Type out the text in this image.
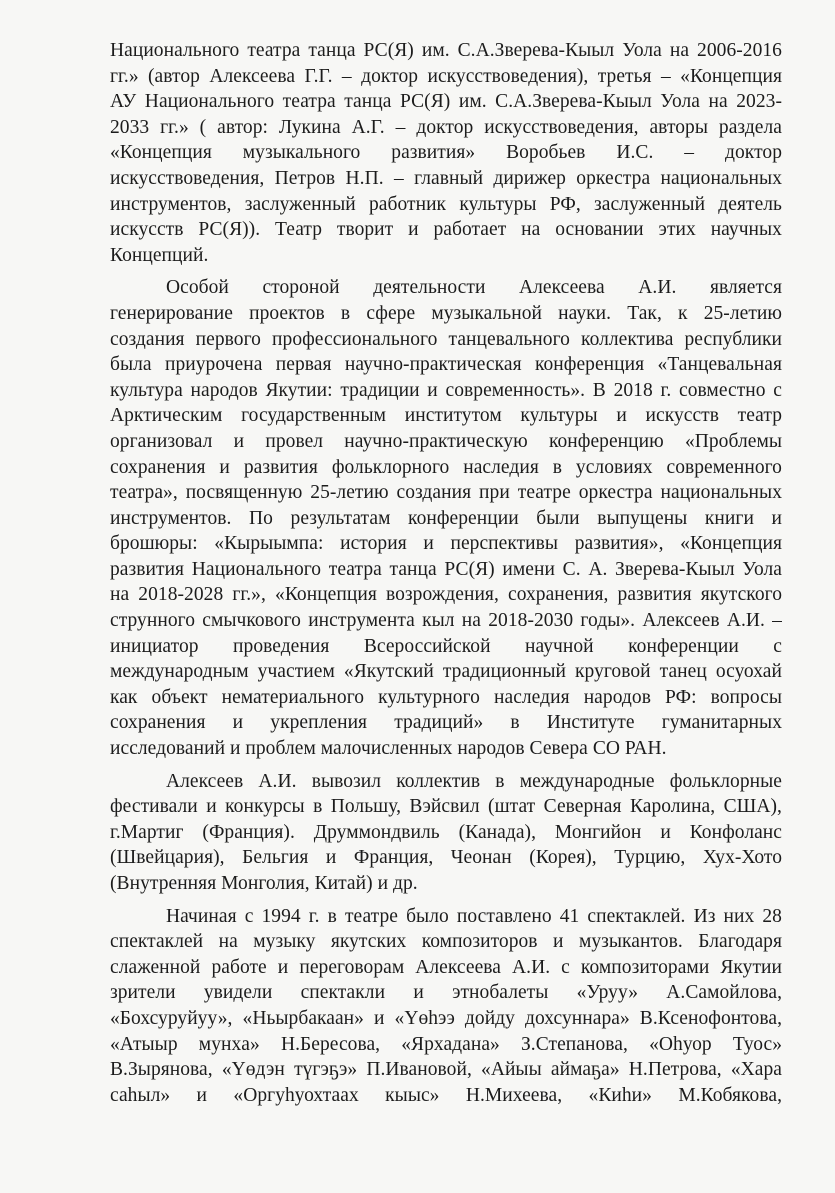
Национального театра танца РС(Я) им. С.А.Зверева-Кыыл Уола на 2006-2016
гг.» (автор Алексеева Г.Г. – доктор искусствоведения), третья – «Концепция
АУ Национального театра танца РС(Я) им. С.А.Зверева-Кыыл Уола на 2023-
2033 гг.» ( автор: Лукина А.Г. – доктор искусствоведения, авторы раздела
«Концепция музыкального развития» Воробьев И.С. – доктор
искусствоведения, Петров Н.П. – главный дирижер оркестра национальных
инструментов, заслуженный работник культуры РФ, заслуженный деятель
искусств РС(Я)). Театр творит и работает на основании этих научных
Концепций.
Особой стороной деятельности Алексеева А.И. является
генерирование проектов в сфере музыкальной науки. Так, к 25-летию
создания первого профессионального танцевального коллектива республики
была приурочена первая научно-практическая конференция «Танцевальная
культура народов Якутии: традиции и современность». В 2018 г. совместно с
Арктическим государственным институтом культуры и искусств театр
организовал и провел научно-практическую конференцию «Проблемы
сохранения и развития фольклорного наследия в условиях современного
театра», посвященную 25-летию создания при театре оркестра национальных
инструментов. По результатам конференции были выпущены книги и
брошюры: «Кырыымпа: история и перспективы развития», «Концепция
развития Национального театра танца РС(Я) имени С. А. Зверева-Кыыл Уола
на 2018-2028 гг.», «Концепция возрождения, сохранения, развития якутского
струнного смычкового инструмента кыл на 2018-2030 годы». Алексеев А.И. –
инициатор проведения Всероссийской научной конференции с
международным участием «Якутский традиционный круговой танец осуохай
как объект нематериального культурного наследия народов РФ: вопросы
сохранения и укрепления традиций» в Институте гуманитарных
исследований и проблем малочисленных народов Севера СО РАН.
Алексеев А.И. вывозил коллектив в международные фольклорные
фестивали и конкурсы в Польшу, Вэйсвил (штат Северная Каролина, США),
г.Мартиг (Франция). Друммондвиль (Канада), Монгийон и Конфоланс
(Швейцария), Бельгия и Франция, Чеонан (Корея), Турцию, Хух-Хото
(Внутренняя Монголия, Китай) и др.
Начиная с 1994 г. в театре было поставлено 41 спектаклей. Из них 28
спектаклей на музыку якутских композиторов и музыкантов. Благодаря
слаженной работе и переговорам Алексеева А.И. с композиторами Якутии
зрители увидели спектакли и этнобалеты «Уруу» А.Самойлова,
«Бохсуруйуу», «Ньырбакаан» и «Үөhээ дойду дохсуннара» В.Ксенофонтова,
«Атыыр мунхa» Н.Бересова, «Ярхадана» З.Степанова, «Оhуор Туос»
В.Зырянова, «Үөдэн түгэҕэ» П.Ивановой, «Айыы аймаҕа» Н.Петрова, «Хара
саhыл» и «Оргуhуохтаах кыыс» Н.Михеева, «Киhи» М.Кобякова,
